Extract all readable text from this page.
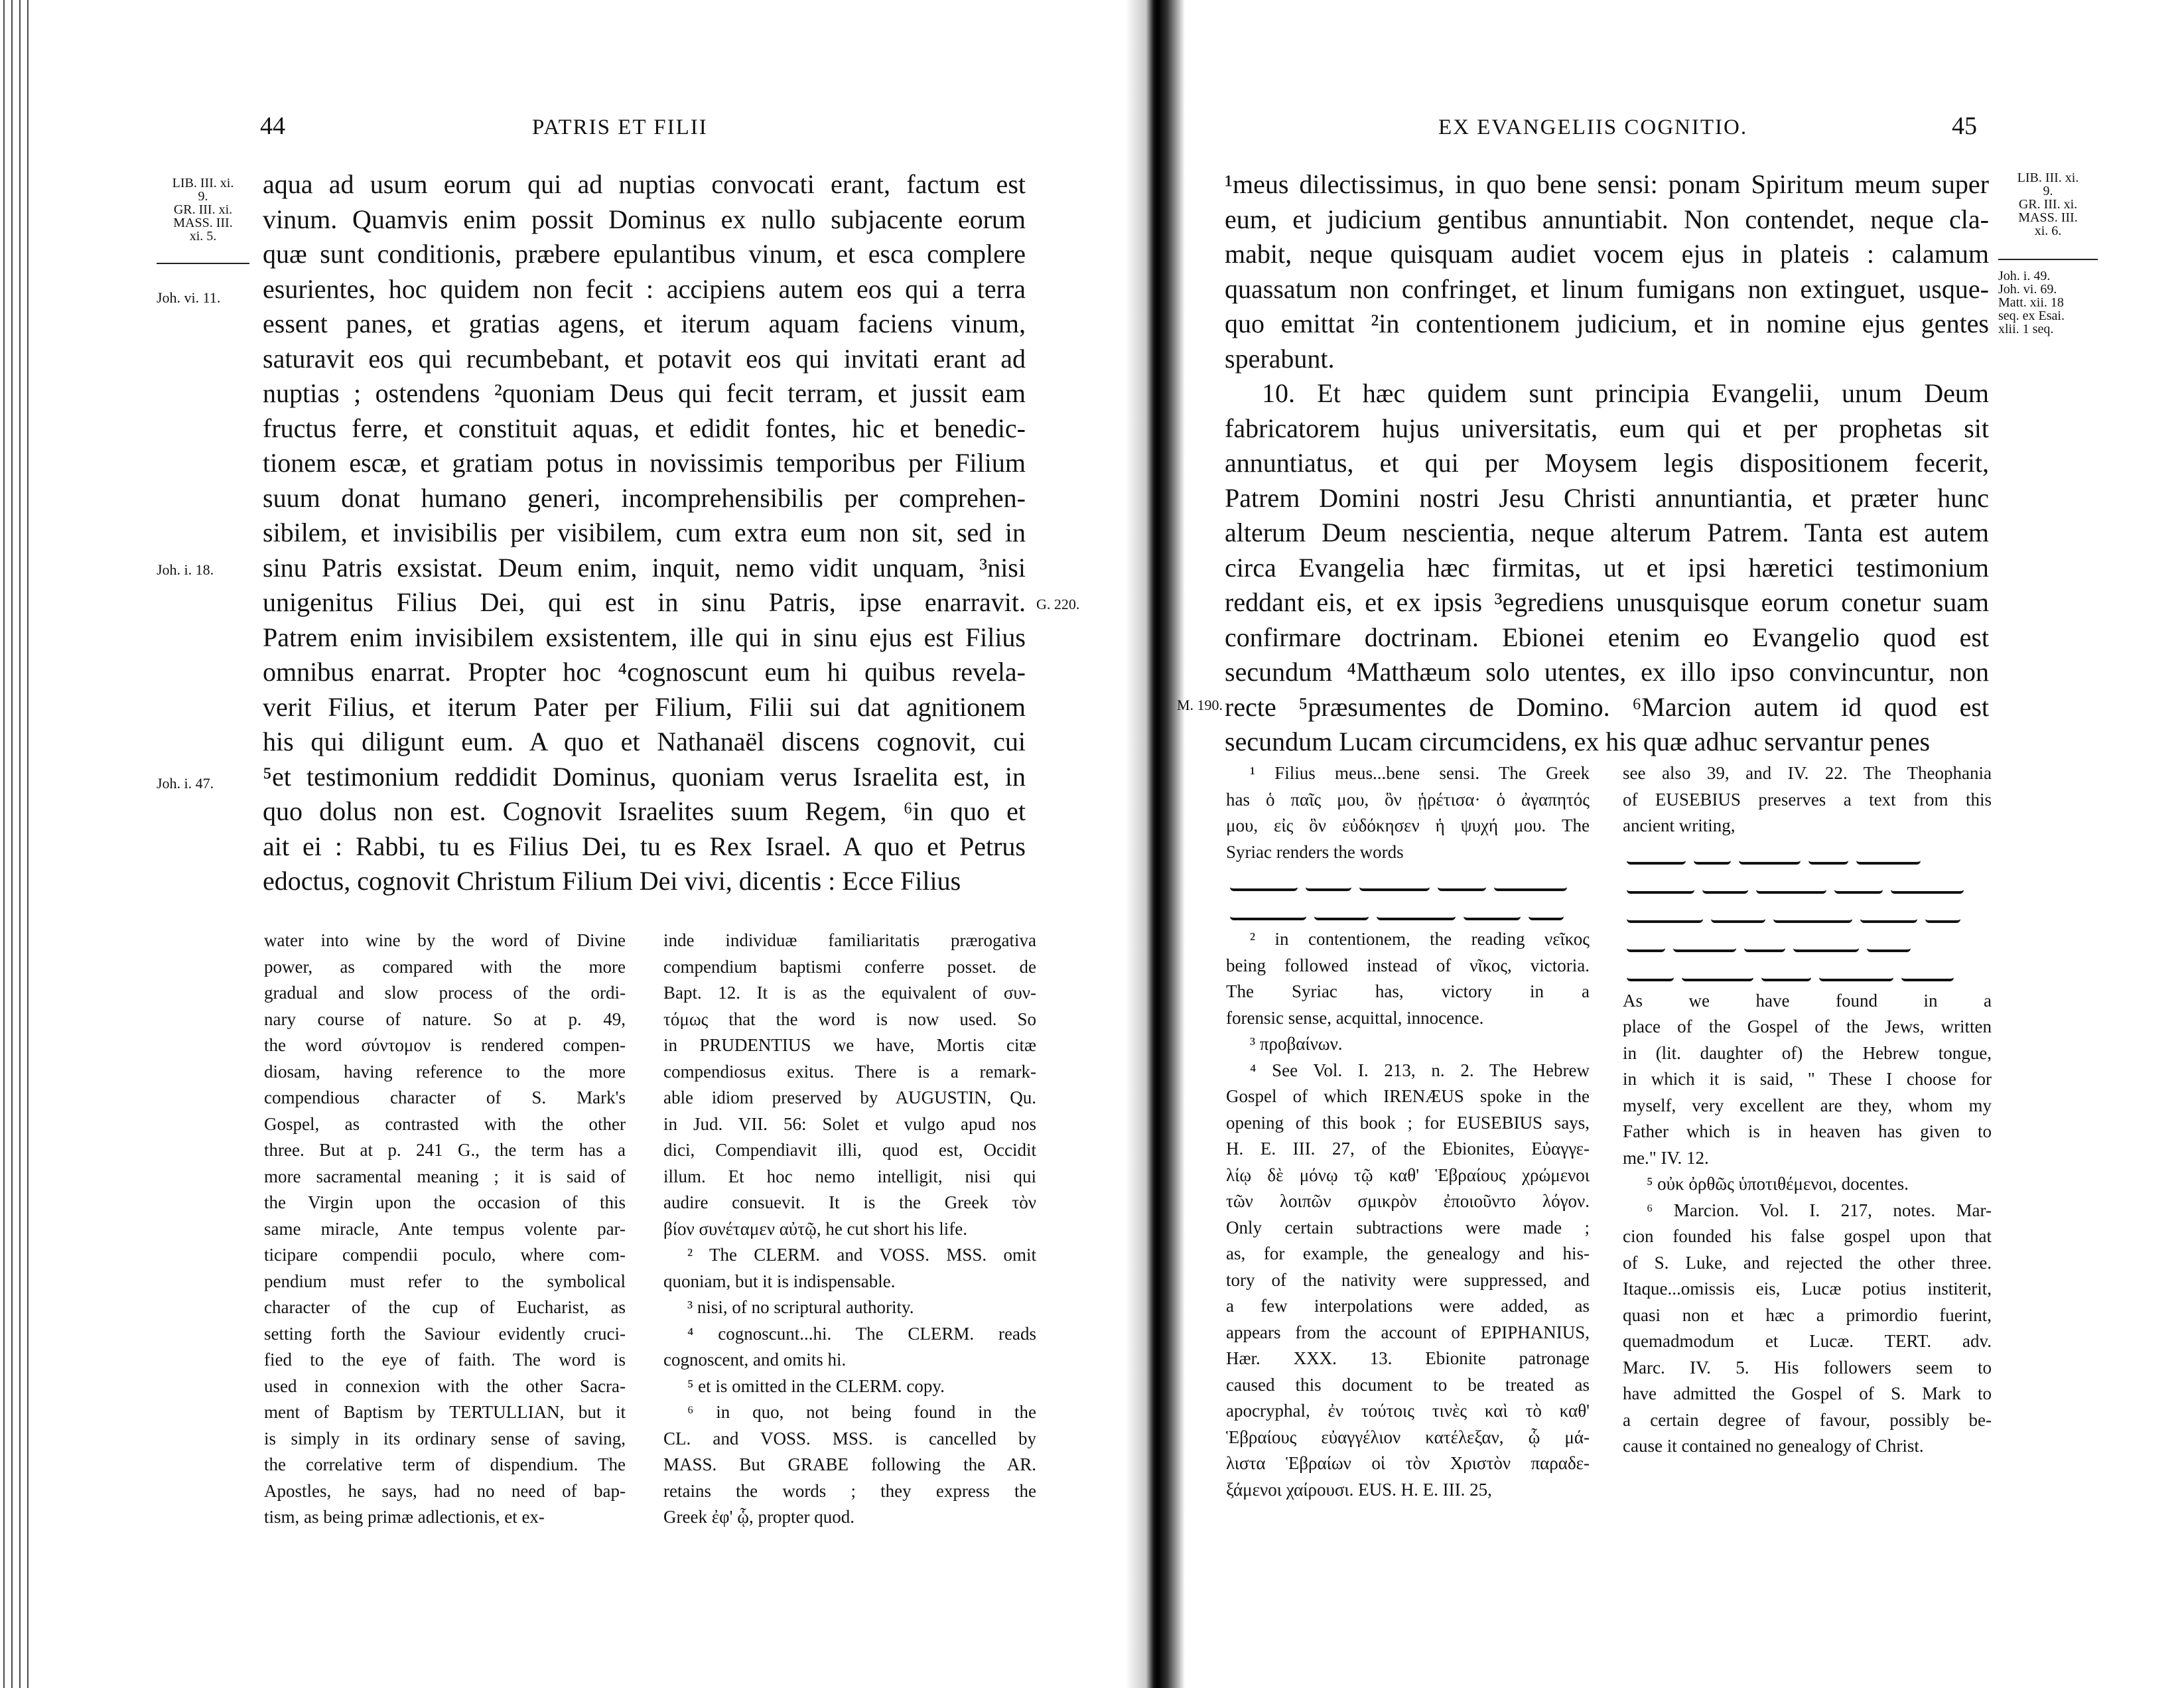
44	PATRIS ET FILII
LIB. III. xi.
9.
GR. III. xi.
MASS. III.
xi. 5.
Joh. vi. 11.
Joh. i. 18.
G. 220.
Joh. i. 47.
aqua ad usum eorum qui ad nuptias convocati erant, factum est
vinum. Quamvis enim possit Dominus ex nullo subjacente eorum
quæ sunt conditionis, præbere epulantibus vinum, et esca complere
esurientes, hoc quidem non fecit : accipiens autem eos qui a terra
essent panes, et gratias agens, et iterum aquam faciens vinum,
saturavit eos qui recumbebant, et potavit eos qui invitati erant ad
nuptias ; ostendens ²quoniam Deus qui fecit terram, et jussit eam
fructus ferre, et constituit aquas, et edidit fontes, hic et benedic-
tionem escæ, et gratiam potus in novissimis temporibus per Filium
suum donat humano generi, incomprehensibilis per comprehen-
sibilem, et invisibilis per visibilem, cum extra eum non sit, sed in
sinu Patris exsistat. Deum enim, inquit, nemo vidit unquam, ³nisi
unigenitus Filius Dei, qui est in sinu Patris, ipse enarravit.
Patrem enim invisibilem exsistentem, ille qui in sinu ejus est Filius
omnibus enarrat. Propter hoc ⁴cognoscunt eum hi quibus revela-
verit Filius, et iterum Pater per Filium, Filii sui dat agnitionem
his qui diligunt eum. A quo et Nathanaël discens cognovit, cui
⁵et testimonium reddidit Dominus, quoniam verus Israelita est, in
quo dolus non est. Cognovit Israelites suum Regem, ⁶in quo et
ait ei : Rabbi, tu es Filius Dei, tu es Rex Israel. A quo et Petrus
edoctus, cognovit Christum Filium Dei vivi, dicentis : Ecce Filius
water into wine by the word of Divine
power, as compared with the more
gradual and slow process of the ordi-
nary course of nature. So at p. 49,
the word σύντομον is rendered compen-
diosam, having reference to the more
compendious character of S. Mark's
Gospel, as contrasted with the other
three. But at p. 241 G., the term has a
more sacramental meaning ; it is said of
the Virgin upon the occasion of this
same miracle, Ante tempus volente par-
ticipare compendii poculo, where com-
pendium must refer to the symbolical
character of the cup of Eucharist, as
setting forth the Saviour evidently cruci-
fied to the eye of faith. The word is
used in connexion with the other Sacra-
ment of Baptism by TERTULLIAN, but it
is simply in its ordinary sense of saving,
the correlative term of dispendium. The
Apostles, he says, had no need of bap-
tism, as being primæ adlectionis, et ex-
inde individuæ familiaritatis prærogativa
compendium baptismi conferre posset. de
Bapt. 12. It is as the equivalent of συν-
τόμως that the word is now used. So
in PRUDENTIUS we have, Mortis citæ
compendiosus exitus. There is a remark-
able idiom preserved by AUGUSTIN, Qu.
in Jud. VII. 56: Solet et vulgo apud nos
dici, Compendiavit illi, quod est, Occidit
illum. Et hoc nemo intelligit, nisi qui
audire consuevit. It is the Greek τὸν
βίον συνέταμεν αὐτῷ, he cut short his life.
² The CLERM. and VOSS. MSS. omit
quoniam, but it is indispensable.
³ nisi, of no scriptural authority.
⁴ cognoscunt...hi. The CLERM. reads
cognoscent, and omits hi.
⁵ et is omitted in the CLERM. copy.
⁶ in quo, not being found in the
CL. and VOSS. MSS. is cancelled by
MASS. But GRABE following the AR.
retains the words ; they express the
Greek ἐφ' ᾧ, propter quod.
EX EVANGELIIS COGNITIO.	45
LIB. III. xi.
9.
GR. III. xi.
MASS. III.
xi. 6.
Joh. i. 49.
Joh. vi. 69.
Matt. xii. 18
seq. ex Esai.
xlii. 1 seq.
M. 190.
¹meus dilectissimus, in quo bene sensi: ponam Spiritum meum super
eum, et judicium gentibus annuntiabit. Non contendet, neque cla-
mabit, neque quisquam audiet vocem ejus in plateis : calamum
quassatum non confringet, et linum fumigans non extinguet, usque-
quo emittat ²in contentionem judicium, et in nomine ejus gentes
sperabunt.
10. Et hæc quidem sunt principia Evangelii, unum Deum
fabricatorem hujus universitatis, eum qui et per prophetas sit
annuntiatus, et qui per Moysem legis dispositionem fecerit,
Patrem Domini nostri Jesu Christi annuntiantia, et præter hunc
alterum Deum nescientia, neque alterum Patrem. Tanta est autem
circa Evangelia hæc firmitas, ut et ipsi hæretici testimonium
reddant eis, et ex ipsis ³egrediens unusquisque eorum conetur suam
confirmare doctrinam. Ebionei etenim eo Evangelio quod est
secundum ⁴Matthæum solo utentes, ex illo ipso convincuntur, non
recte ⁵præsumentes de Domino. ⁶Marcion autem id quod est
secundum Lucam circumcidens, ex his quæ adhuc servantur penes
¹ Filius meus...bene sensi. The Greek
has ὁ παῖς μου, ὃν ᾑρέτισα· ὁ ἀγαπητός
μου, εἰς ὃν εὐδόκησεν ἡ ψυχή μου. The
Syriac renders the words
² in contentionem, the reading νεῖκος
being followed instead of νῖκος, victoria.
The Syriac has, victory in a
forensic sense, acquittal, innocence.
³ προβαίνων.
⁴ See Vol. I. 213, n. 2. The Hebrew
Gospel of which IRENÆUS spoke in the
opening of this book ; for EUSEBIUS says,
H. E. III. 27, of the Ebionites, Εὐαγγε-
λίῳ δὲ μόνῳ τῷ καθ' Ἑβραίους χρώμενοι
τῶν λοιπῶν σμικρὸν ἐποιοῦντο λόγον.
Only certain subtractions were made ;
as, for example, the genealogy and his-
tory of the nativity were suppressed, and
a few interpolations were added, as
appears from the account of EPIPHANIUS,
Hær. XXX. 13. Ebionite patronage
caused this document to be treated as
apocryphal, ἐν τούτοις τινὲς καὶ τὸ καθ'
Ἑβραίους εὐαγγέλιον κατέλεξαν, ᾧ μά-
λιστα Ἑβραίων οἱ τὸν Χριστὸν παραδε-
ξάμενοι χαίρουσι. EUS. H. E. III. 25,
see also 39, and IV. 22. The Theophania
of EUSEBIUS preserves a text from this
ancient writing,
As we have found in a
place of the Gospel of the Jews, written
in (lit. daughter of) the Hebrew tongue,
in which it is said, " These I choose for
myself, very excellent are they, whom my
Father which is in heaven has given to
me." IV. 12.
⁵ οὐκ ὀρθῶς ὑποτιθέμενοι, docentes.
⁶ Marcion. Vol. I. 217, notes. Mar-
cion founded his false gospel upon that
of S. Luke, and rejected the other three.
Itaque...omissis eis, Lucæ potius institerit,
quasi non et hæc a primordio fuerint,
quemadmodum et Lucæ. TERT. adv.
Marc. IV. 5. His followers seem to
have admitted the Gospel of S. Mark to
a certain degree of favour, possibly be-
cause it contained no genealogy of Christ.
